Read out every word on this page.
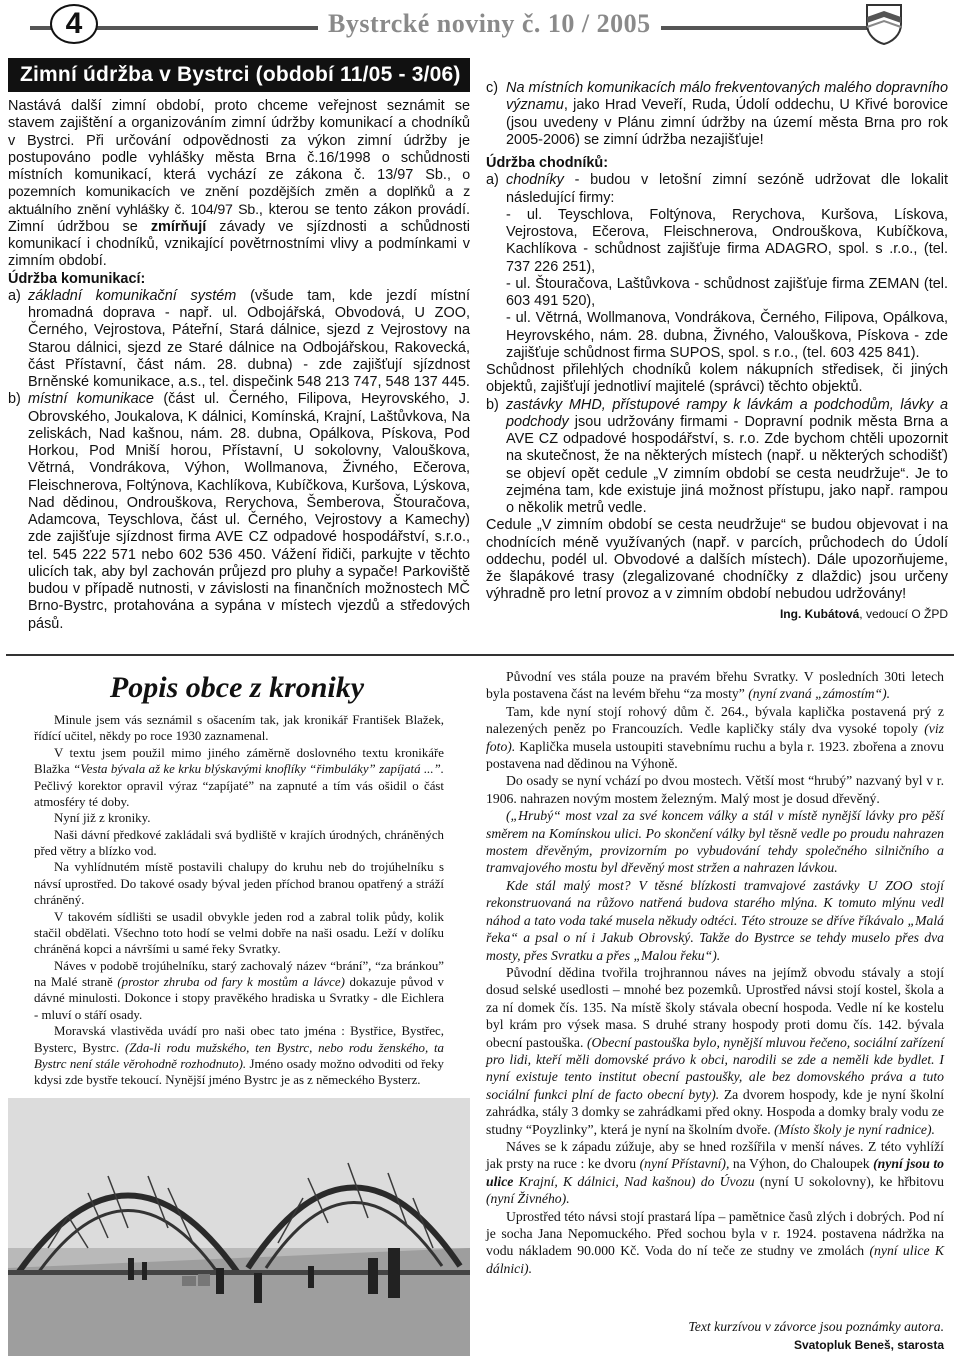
4	Bystrcké noviny č. 10 / 2005
Zimní údržba v Bystrci (období 11/05 - 3/06)

Nastává další zimní období, proto chceme veřejnost seznámit se stavem zajištění a organizováním zimní údržby komunikací a chodníků v Bystrci. Při určování odpovědnosti za výkon zimní údržby je postupováno podle vyhlášky města Brna č.16/1998 o schůdnosti místních komunikací, která vychází ze zákona č. 13/97 Sb., o pozemních komunikacích ve znění pozdějších změn a doplňků a z aktuálního znění vyhlášky č. 104/97 Sb., kterou se tento zákon provádí. Zimní údržbou se zmírňují závady ve sjízdnosti a schůdnosti komunikací i chodníků, vznikající povětrnostními vlivy a podmínkami v zimním období.

Údržba komunikací:

a) základní komunikační systém (všude tam, kde jezdí místní hromadná doprava - např. ul. Odbojářská, Obvodová, U ZOO, Černého, Vejrostova, Páteřní, Stará dálnice, sjezd z Vejrostovy na Starou dálnici, sjezd ze Staré dálnice na Odbojářskou, Rakovecká, část Přístavní, část nám. 28. dubna) - zde zajišťují sjízdnost Brněnské komunikace, a.s., tel. dispečink 548 213 747, 548 137 445.

b) místní komunikace (část ul. Černého, Filipova, Heyrovského, J. Obrovského, Joukalova, K dálnici, Komínská, Krajní, Laštůvkova, Na zeliskách, Nad kašnou, nám. 28. dubna, Opálkova, Pískova, Pod Horkou, Pod Mniší horou, Přístavní, U sokolovny, Valouškova, Větrná, Vondrákova, Výhon, Wollmanova, Živného, Ečerova, Fleischnerova, Foltýnova, Kachlíkova, Kubíčkova, Kuršova, Lýskova, Nad dědinou, Ondrouškova, Rerychova, Šemberova, Štouračova, Adamcova, Teyschlova, část ul. Černého, Vejrostovy a Kamechy) zde zajišťuje sjízdnost firma AVE CZ odpadové hospodářství, s.r.o., tel. 545 222 571 nebo 602 536 450. Vážení řidiči, parkujte v těchto ulicích tak, aby byl zachován průjezd pro pluhy a sypače! Parkoviště budou v případě nutnosti, v závislosti na finančních možnostech MČ Brno-Bystrc, protahována a sypána v místech vjezdů a středových pásů.

c) Na místních komunikacích málo frekventovaných malého dopravního významu, jako Hrad Veveří, Ruda, Údolí oddechu, U Křivé borovice (jsou uvedeny v Plánu zimní údržby na území města Brna pro rok 2005-2006) se zimní údržba nezajišťuje!

Údržba chodníků:

a) chodníky - budou v letošní zimní sezóně udržovat dle lokalit následující firmy:

- ul. Teyschlova, Foltýnova, Rerychova, Kuršova, Lískova, Vejrostova, Ečerova, Fleischnerova, Ondrouškova, Kubíčkova, Kachlíkova - schůdnost zajišťuje firma ADAGRO, spol. s .r.o., (tel. 737 226 251),

- ul. Štouračova, Laštůvkova - schůdnost zajišťuje firma ZEMAN (tel. 603 491 520),

- ul. Větrná, Wollmanova, Vondrákova, Černého, Filipova, Opálkova, Heyrovského, nám. 28. dubna, Živného, Valouškova, Pískova - zde zajišťuje schůdnost firma SUPOS, spol. s r.o., (tel. 603 425 841).

Schůdnost přilehlých chodníků kolem nákupních středisek, či jiných objektů, zajišťují jednotliví majitelé (správci) těchto objektů.

b) zastávky MHD, přístupové rampy k lávkám a podchodům, lávky a podchody jsou udržovány firmami - Dopravní podnik města Brna a AVE CZ odpadové hospodářství, s. r.o. Zde bychom chtěli upozornit na skutečnost, že na některých místech (např. u některých schodišť) se objeví opět cedule „V zimním období se cesta neudržuje“. Je to zejména tam, kde existuje jiná možnost přístupu, jako např. rampou o několik metrů vedle.

Cedule „V zimním období se cesta neudržuje“ se budou objevovat i na chodnících méně využívaných (např. v parcích, průchodech do Údolí oddechu, podél ul. Obvodové a dalších místech). Dále upozorňujeme, že šlapákové trasy (zlegalizované chodníčky z dlaždic) jsou určeny výhradně pro letní provoz a v zimním období nebudou udržovány!

Ing. Kubátová, vedoucí O ŽPD

Popis obce z kroniky

Minule jsem vás seznámil s ošacením tak, jak kronikář František Blažek, řídící učitel, někdy po roce 1930 zaznamenal.

V textu jsem použil mimo jiného záměrně doslovného textu kronikáře Blažka “Vesta bývala až ke krku blýskavými knoflíky “řimbuláky” zapíjatá ...”. Pečlivý korektor opravil výraz “zapíjaté” na zapnuté a tím vás ošidil o část atmosféry té doby.

Nyní již z kroniky.

Naši dávní předkové zakládali svá bydliště v krajích úrodných, chráněných před větry a blízko vod.

Na vyhlídnutém místě postavili chalupy do kruhu neb do trojúhelníku s návsí uprostřed. Do takové osady býval jeden příchod branou opatřený a stráží chráněný.

V takovém sídlišti se usadil obvykle jeden rod a zabral tolik půdy, kolik stačil obdělati. Všechno toto hodí se velmi dobře na naši osadu. Leží v dolíku chráněná kopci a návršími u samé řeky Svratky.

Náves v podobě trojúhelníku, starý zachovalý název “brání”, “za bránkou” na Malé straně (prostor zhruba od fary k mostům a lávce) dokazuje původ v dávné minulosti. Dokonce i stopy pravěkého hradiska u Svratky - dle Eichlera - mluví o stáří osady.

Moravská vlastivěda uvádí pro naši obec tato jména : Bystřice, Bystřec, Bysterc, Bystrc. (Zda-li rodu mužského, ten Bystrc, nebo rodu ženského, ta Bystrc není stále věrohodně rozhodnuto). Jméno osady možno odvoditi od řeky kdysi zde bystře tekoucí. Nynější jméno Bystrc je as z německého Bysterz.

Původní ves stála pouze na pravém břehu Svratky. V posledních 30ti letech byla postavena část na levém břehu “za mosty” (nyní zvaná „zámostím“).

Tam, kde nyní stojí rohový dům č. 264., bývala kaplička postavená prý z nalezených peněz po Francouzích. Vedle kapličky stály dva vysoké topoly (viz foto). Kaplička musela ustoupiti stavebnímu ruchu a byla r. 1923. zbořena a znovu postavena nad dědinou na Výhoně.

Do osady se nyní vchází po dvou mostech. Větší most “hrubý” nazvaný byl v r. 1906. nahrazen novým mostem železným. Malý most je dosud dřevěný.

(„Hrubý“ most vzal za své koncem války a stál v místě nynější lávky pro pěší směrem na Komínskou ulici. Po skončení války byl těsně vedle po proudu nahrazen mostem dřevěným, provizorním po vybudování tehdy společného silničního a tramvajového mostu byl dřevěný most stržen a nahrazen lávkou.

Kde stál malý most? V těsné blízkosti tramvajové zastávky U ZOO stojí rekonstruovaná na růžovo natřená budova starého mlýna. K tomuto mlýnu vedl náhod a tato voda také musela někudy odtéci. Této strouze se dříve říkávalo „Malá řeka“ a psal o ní i Jakub Obrovský. Takže do Bystrce se tehdy muselo přes dva mosty, přes Svratku a přes „Malou řeku“).

Původní dědina tvořila trojhrannou náves na jejímž obvodu stávaly a stojí dosud selské usedlosti – mnohé bez pozemků. Uprostřed návsi stojí kostel, škola a za ní domek čís. 135. Na místě školy stávala obecní hospoda. Vedle ní ke kostelu byl krám pro výsek masa. S druhé strany hospody proti domu čís. 142. bývala obecní pastouška. (Obecní pastouška bylo, nynější mluvou řečeno, sociální zařízení pro lidi, kteří měli domovské právo k obci, narodili se zde a neměli kde bydlet. I nyní existuje tento institut obecní pastoušky, ale bez domovského práva a tuto sociální funkci plní de facto obecní byty). Za dvorem hospody, kde je nyní školní zahrádka, stály 3 domky se zahrádkami před okny. Hospoda a domky braly vodu ze studny “Poyzlinky”, která je nyní na školním dvoře. (Místo školy je nyní radnice).

Náves se k západu zúžuje, aby se hned rozšířila v menší náves. Z této vyhlíží jak prsty na ruce : ke dvoru (nyní Přístavní), na Výhon, do Chaloupek (nyní jsou to ulice Krajní, K dálnici, Nad kašnou) do Úvozu (nyní U sokolovny), ke hřbitovu (nyní Živného).

Uprostřed této návsi stojí prastará lípa – pamětnice časů zlých i dobrých. Pod ní je socha Jana Nepomuckého. Před sochou byla v r. 1924. postavena nádržka na vodu nákladem 90.000 Kč. Voda do ní teče ze studny ve zmolách (nyní ulice K dálnici).

Text kurzívou v závorce jsou poznámky autora.
Svatopluk Beneš, starosta
